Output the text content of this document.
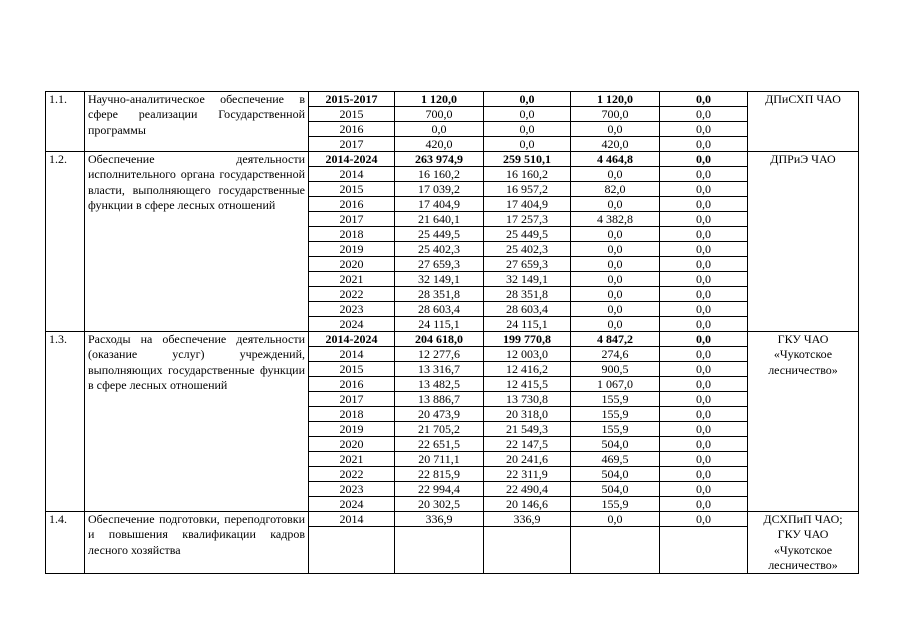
1.1.	Научно-аналитическое обеспечение в сфере реализации Государственной программы	2015-2017	1 120,0	0,0	1 120,0	0,0	ДПиСХП ЧАО
		2015	700,0	0,0	700,0	0,0	
		2016	0,0	0,0	0,0	0,0	
		2017	420,0	0,0	420,0	0,0	
1.2.	Обеспечение деятельности исполнительного органа государственной власти, выполняющего государственные функции в сфере лесных отношений	2014-2024	263 974,9	259 510,1	4 464,8	0,0	ДПРиЭ ЧАО
		2014	16 160,2	16 160,2	0,0	0,0	
		2015	17 039,2	16 957,2	82,0	0,0	
		2016	17 404,9	17 404,9	0,0	0,0	
		2017	21 640,1	17 257,3	4 382,8	0,0	
		2018	25 449,5	25 449,5	0,0	0,0	
		2019	25 402,3	25 402,3	0,0	0,0	
		2020	27 659,3	27 659,3	0,0	0,0	
		2021	32 149,1	32 149,1	0,0	0,0	
		2022	28 351,8	28 351,8	0,0	0,0	
		2023	28 603,4	28 603,4	0,0	0,0	
		2024	24 115,1	24 115,1	0,0	0,0	
1.3.	Расходы на обеспечение деятельности (оказание услуг) учреждений, выполняющих государственные функции в сфере лесных отношений	2014-2024	204 618,0	199 770,8	4 847,2	0,0	ГКУ ЧАО «Чукотское лесничество»
		2014	12 277,6	12 003,0	274,6	0,0	
		2015	13 316,7	12 416,2	900,5	0,0	
		2016	13 482,5	12 415,5	1 067,0	0,0	
		2017	13 886,7	13 730,8	155,9	0,0	
		2018	20 473,9	20 318,0	155,9	0,0	
		2019	21 705,2	21 549,3	155,9	0,0	
		2020	22 651,5	22 147,5	504,0	0,0	
		2021	20 711,1	20 241,6	469,5	0,0	
		2022	22 815,9	22 311,9	504,0	0,0	
		2023	22 994,4	22 490,4	504,0	0,0	
		2024	20 302,5	20 146,6	155,9	0,0	
1.4.	Обеспечение подготовки, переподготовки и повышения квалификации кадров лесного хозяйства	2014	336,9	336,9	0,0	0,0	ДСХПиП ЧАО; ГКУ ЧАО «Чукотское лесничество»
